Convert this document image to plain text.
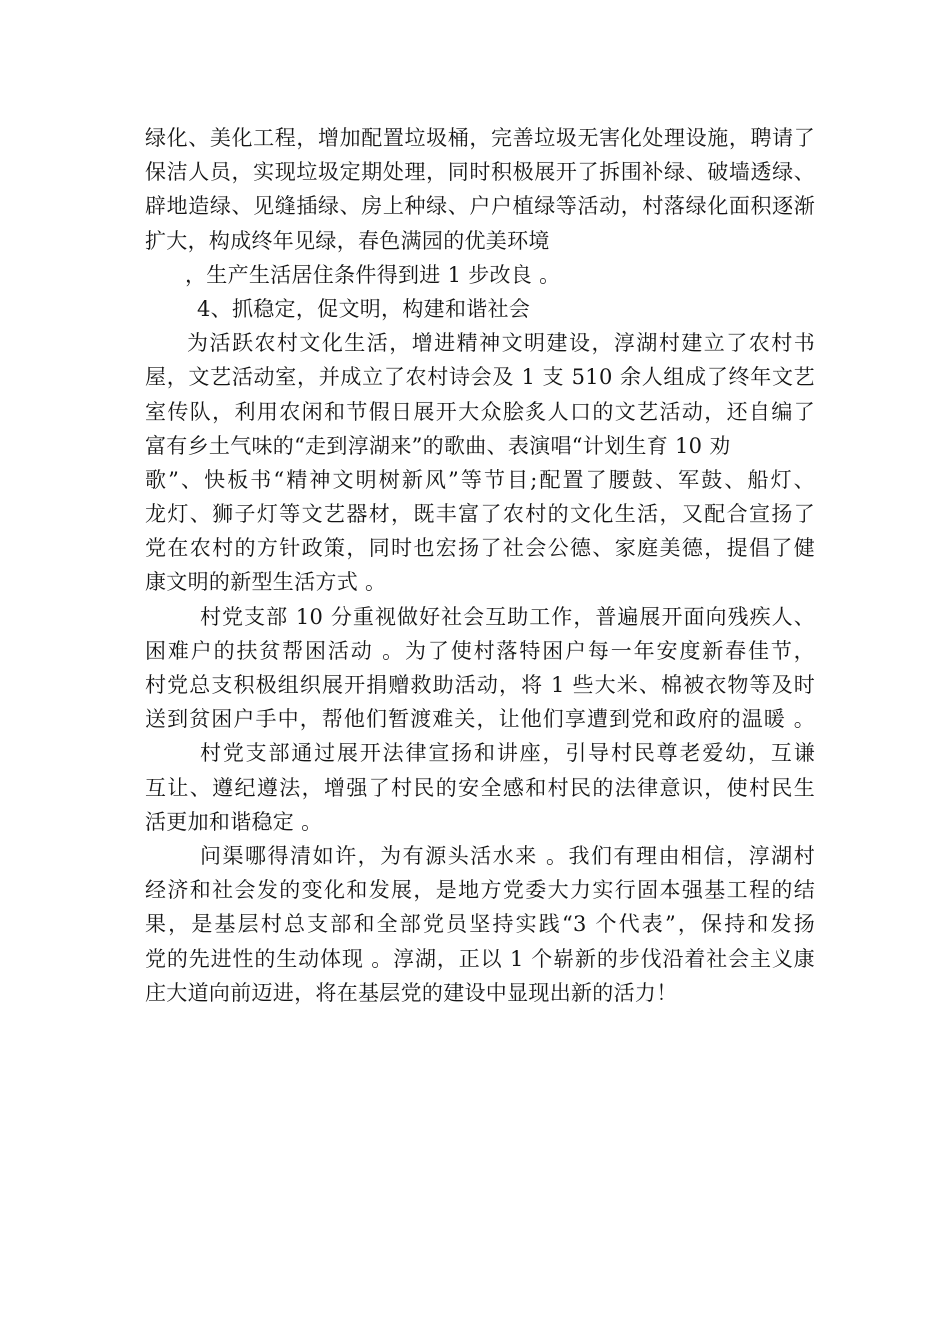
绿化、美化工程，增加配置垃圾桶，完善垃圾无害化处理设施，聘请了
保洁人员，实现垃圾定期处理，同时积极展开了拆围补绿、破墙透绿、
辟地造绿、见缝插绿、房上种绿、户户植绿等活动，村落绿化面积逐渐
扩大，构成终年见绿，春色满园的优美环境
，生产生活居住条件得到进 1 步改良 。
4、抓稳定，促文明，构建和谐社会
为活跃农村文化生活，增进精神文明建设，淳湖村建立了农村书
屋，文艺活动室，并成立了农村诗会及 1 支 510 余人组成了终年文艺
室传队，利用农闲和节假日展开大众脍炙人口的文艺活动，还自编了
富有乡土气味的“走到淳湖来”的歌曲、表演唱“计划生育 10 劝
歌”、快板书“精神文明树新风”等节目;配置了腰鼓、军鼓、船灯、
龙灯、狮子灯等文艺器材，既丰富了农村的文化生活，又配合宣扬了
党在农村的方针政策，同时也宏扬了社会公德、家庭美德，提倡了健
康文明的新型生活方式 。
村党支部 10 分重视做好社会互助工作，普遍展开面向残疾人、
困难户的扶贫帮困活动 。为了使村落特困户每一年安度新春佳节，
村党总支积极组织展开捐赠救助活动，将 1 些大米、棉被衣物等及时
送到贫困户手中，帮他们暂渡难关，让他们享遭到党和政府的温暖 。
村党支部通过展开法律宣扬和讲座，引导村民尊老爱幼，互谦
互让、遵纪遵法，增强了村民的安全感和村民的法律意识，使村民生
活更加和谐稳定 。
问渠哪得清如许，为有源头活水来 。我们有理由相信，淳湖村
经济和社会发的变化和发展，是地方党委大力实行固本强基工程的结
果，是基层村总支部和全部党员坚持实践“3 个代表”，保持和发扬
党的先进性的生动体现 。淳湖，正以 1 个崭新的步伐沿着社会主义康
庄大道向前迈进，将在基层党的建设中显现出新的活力！
